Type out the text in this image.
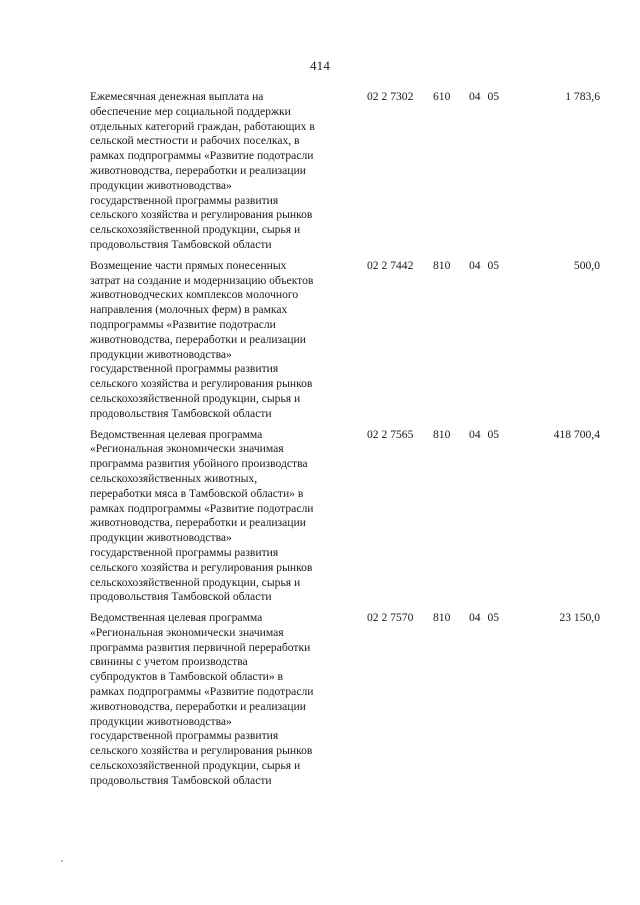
414
Ежемесячная денежная выплата на
обеспечение мер социальной поддержки
отдельных категорий граждан, работающих в
сельской местности и рабочих поселках, в
рамках подпрограммы «Развитие подотрасли
животноводства, переработки и реализации
продукции животноводства»
государственной программы развития
сельского хозяйства и регулирования рынков
сельскохозяйственной продукции, сырья и
продовольствия Тамбовской области
02 2 7302 610 04 05	1 783,6
Возмещение части прямых понесенных
затрат на создание и модернизацию объектов
животноводческих комплексов молочного
направления (молочных ферм) в рамках
подпрограммы «Развитие подотрасли
животноводства, переработки и реализации
продукции животноводства»
государственной программы развития
сельского хозяйства и регулирования рынков
сельскохозяйственной продукции, сырья и
продовольствия Тамбовской области
02 2 7442 810 04 05	500,0
Ведомственная целевая программа
«Региональная экономически значимая
программа развития убойного производства
сельскохозяйственных животных,
переработки мяса в Тамбовской области» в
рамках подпрограммы «Развитие подотрасли
животноводства, переработки и реализации
продукции животноводства»
государственной программы развития
сельского хозяйства и регулирования рынков
сельскохозяйственной продукции, сырья и
продовольствия Тамбовской области
02 2 7565 810 04 05	418 700,4
Ведомственная целевая программа
«Региональная экономически значимая
программа развития первичной переработки
свинины с учетом производства
субпродуктов в Тамбовской области» в
рамках подпрограммы «Развитие подотрасли
животноводства, переработки и реализации
продукции животноводства»
государственной программы развития
сельского хозяйства и регулирования рынков
сельскохозяйственной продукции, сырья и
продовольствия Тамбовской области
02 2 7570 810 04 05	23 150,0
